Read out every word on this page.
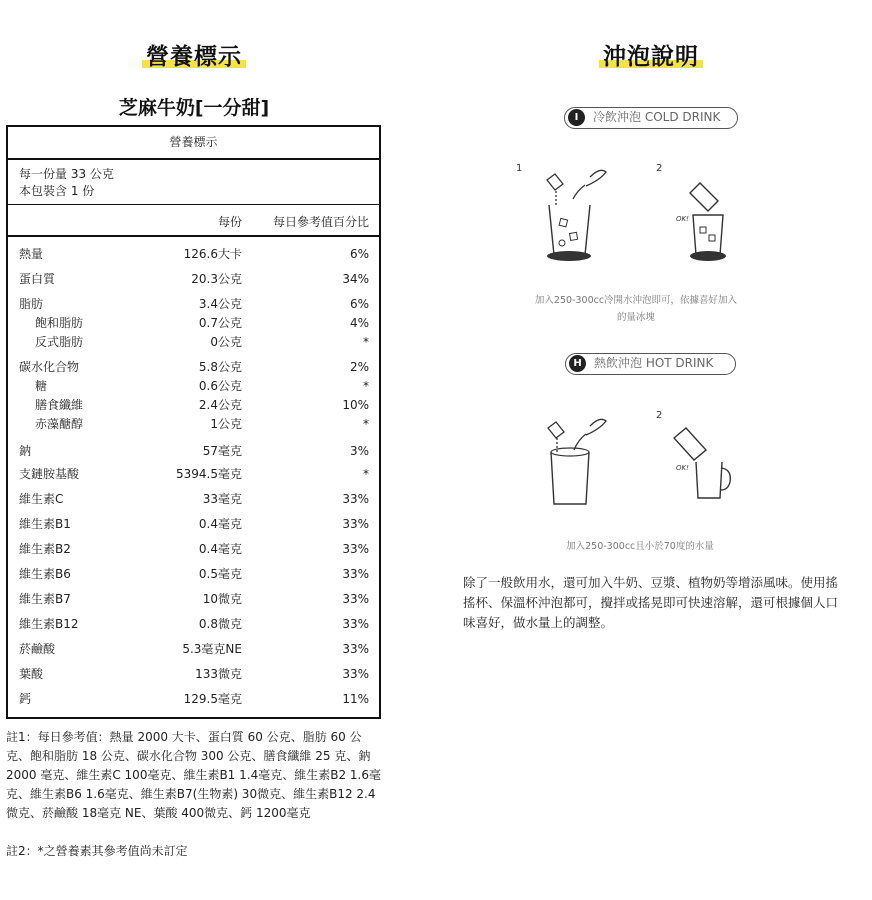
營養標示
芝麻牛奶[一分甜]
營養標示
每一份量 33 公克
本包裝含 1 份
每份	每日參考值百分比
熱量	126.6大卡	6%
蛋白質	20.3公克	34%
脂肪	3.4公克	6%
飽和脂肪	0.7公克	4%
反式脂肪	0公克	*
碳水化合物	5.8公克	2%
糖	0.6公克	*
膳食纖維	2.4公克	10%
赤藻醣醇	1公克	*
鈉	57毫克	3%
支鏈胺基酸	5394.5毫克	*
維生素C	33毫克	33%
維生素B1	0.4毫克	33%
維生素B2	0.4毫克	33%
維生素B6	0.5毫克	33%
維生素B7	10微克	33%
維生素B12	0.8微克	33%
菸鹼酸	5.3毫克NE	33%
葉酸	133微克	33%
鈣	129.5毫克	11%
註1：每日參考值：熱量 2000 大卡、蛋白質 60 公克、脂肪 60 公克、飽和脂肪 18 公克、碳水化合物 300 公克、膳食纖維 25 克、鈉 2000 毫克、維生素C 100毫克、維生素B1 1.4毫克、維生素B2 1.6毫克、維生素B6 1.6毫克、維生素B7(生物素) 30微克、維生素B12 2.4微克、菸鹼酸 18毫克 NE、葉酸 400微克、鈣 1200毫克
註2：*之營養素其參考值尚未訂定
沖泡說明
I	冷飲沖泡 COLD DRINK
1	2
OK!
加入250-300cc冷開水沖泡即可，依據喜好加入
的量冰塊
H	熱飲沖泡 HOT DRINK
2
OK!
加入250-300cc且小於70度的水量
除了一般飲用水，還可加入牛奶、豆漿、植物奶等增添風味。使用搖搖杯、保溫杯沖泡都可，攪拌或搖晃即可快速溶解，還可根據個人口味喜好，做水量上的調整。
